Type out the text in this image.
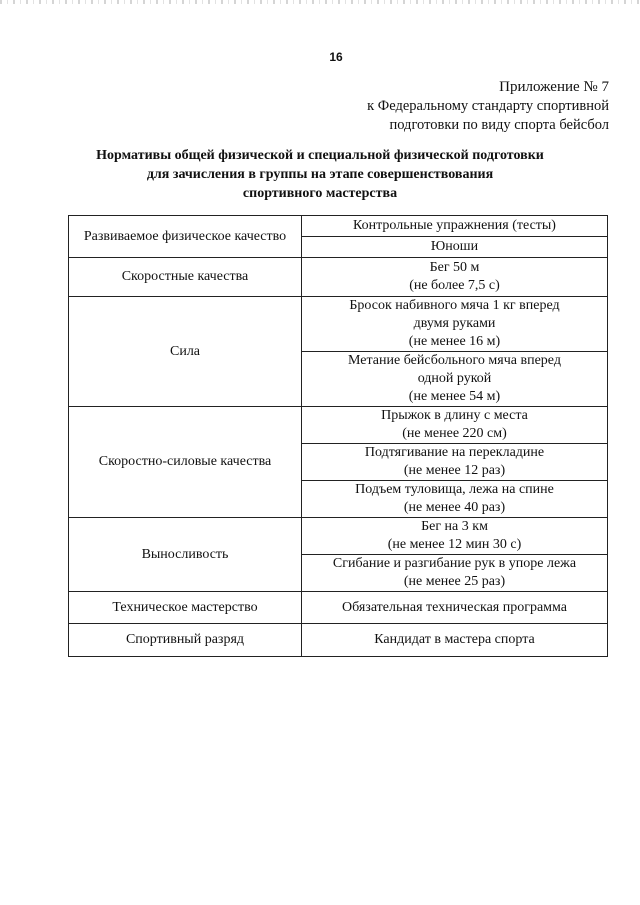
16
Приложение № 7
к Федеральному стандарту спортивной
подготовки по виду спорта бейсбол
Нормативы общей физической и специальной физической подготовки
для зачисления в группы на этапе совершенствования
спортивного мастерства
Развиваемое физическое качество	Контрольные упражнения (тесты)
	Юноши
Скоростные качества	Бег 50 м
(не более 7,5 с)

Сила	Бросок набивного мяча 1 кг вперед
двумя руками
(не менее 16 м)

	Метание бейсбольного мяча вперед
одной рукой
(не менее 54 м)

Скоростно-силовые качества	Прыжок в длину с места
(не менее 220 см)

	Подтягивание на перекладине
(не менее 12 раз)

	Подъем туловища, лежа на спине
(не менее 40 раз)

Выносливость	Бег на 3 км
(не менее 12 мин 30 с)

	Сгибание и разгибание рук в упоре лежа
(не менее 25 раз)

Техническое мастерство	Обязательная техническая программа
Спортивный разряд	Кандидат в мастера спорта
